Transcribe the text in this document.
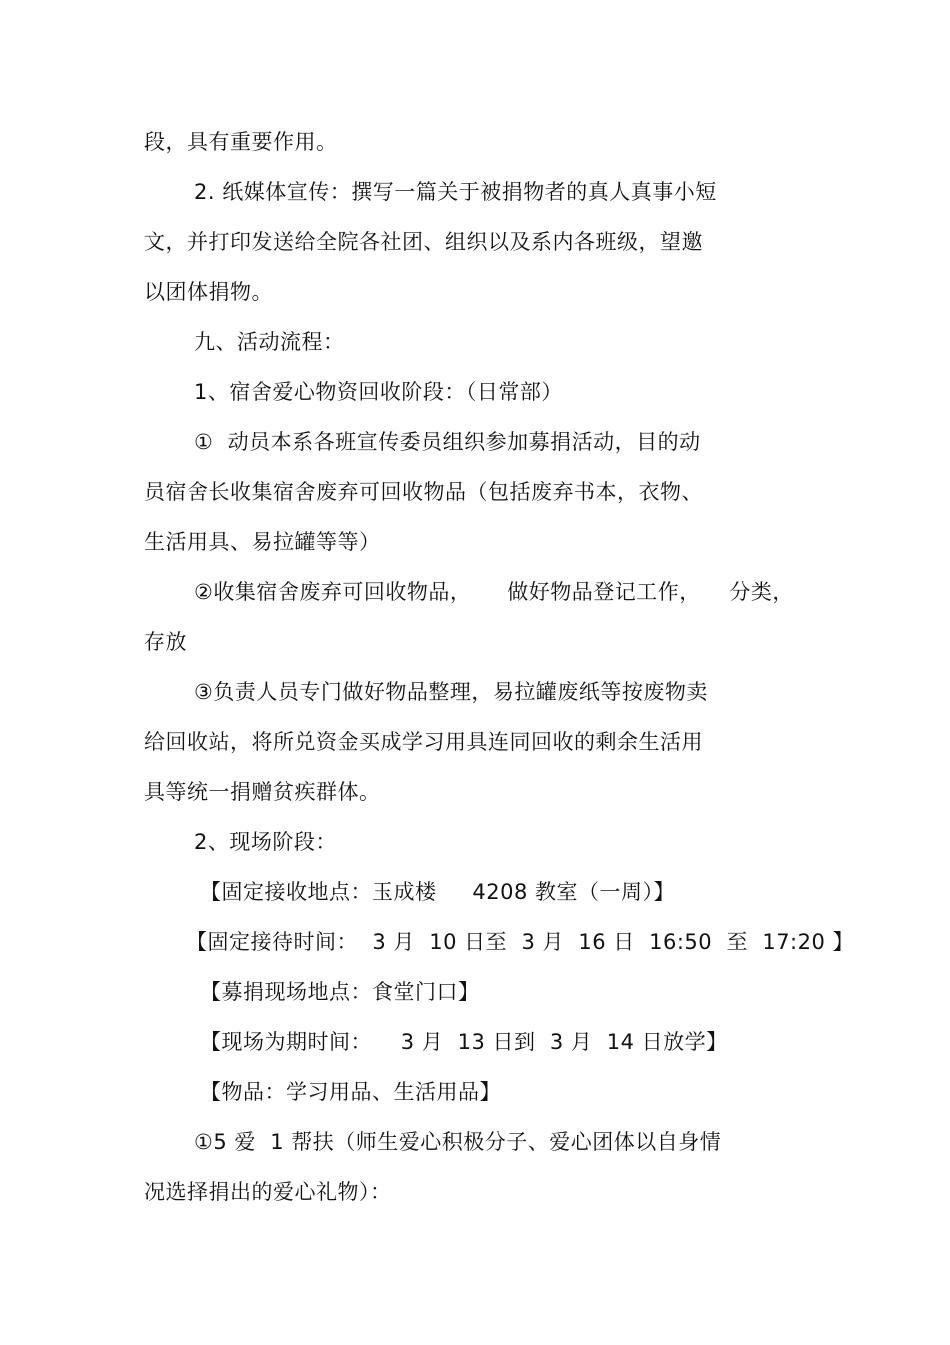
段，具有重要作用。
2. 纸媒体宣传：撰写一篇关于被捐物者的真人真事小短
文，并打印发送给全院各社团、组织以及系内各班级，望邀
以团体捐物。
九、活动流程：
1、宿舍爱心物资回收阶段：（日常部）
①  动员本系各班宣传委员组织参加募捐活动，目的动
员宿舍长收集宿舍废弃可回收物品（包括废弃书本，衣物、
生活用具、易拉罐等等）
②收集宿舍废弃可回收物品，     做好物品登记工作，    分类，
存放
③负责人员专门做好物品整理，易拉罐废纸等按废物卖
给回收站，将所兑资金买成学习用具连同回收的剩余生活用
具等统一捐赠贫疾群体。
2、现场阶段：
【固定接收地点：玉成楼     4208 教室（一周）】
【固定接待时间：  3 月  10 日至  3 月  16 日  16:50  至  17:20 】
【募捐现场地点：食堂门口】
【现场为期时间：    3 月  13 日到  3 月  14 日放学】
【物品：学习用品、生活用品】
①5 爱  1 帮扶（师生爱心积极分子、爱心团体以自身情
况选择捐出的爱心礼物）：
